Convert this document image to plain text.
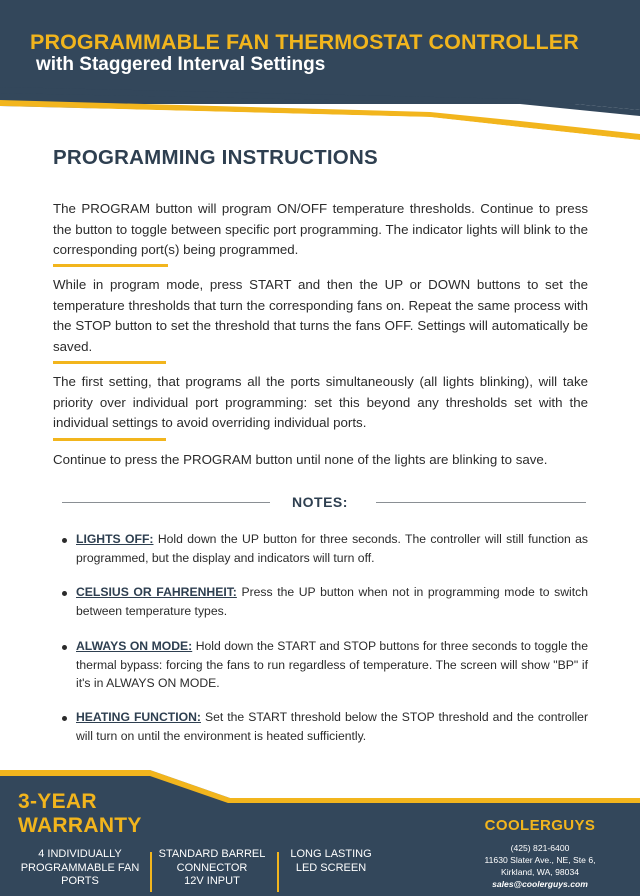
PROGRAMMABLE FAN THERMOSTAT CONTROLLER
with Staggered Interval Settings
PROGRAMMING INSTRUCTIONS

The PROGRAM button will program ON/OFF temperature thresholds. Continue to press the button to toggle between specific port programming. The indicator lights will blink to the corresponding port(s) being programmed.

While in program mode, press START and then the UP or DOWN buttons to set the temperature thresholds that turn the corresponding fans on. Repeat the same process with the STOP button to set the threshold that turns the fans OFF. Settings will automatically be saved.

The first setting, that programs all the ports simultaneously (all lights blinking), will take priority over individual port programming: set this beyond any thresholds set with the individual settings to avoid overriding individual ports.

Continue to press the PROGRAM button until none of the lights are blinking to save.

NOTES:

LIGHTS OFF: Hold down the UP button for three seconds. The controller will still function as programmed, but the display and indicators will turn off.

CELSIUS OR FAHRENHEIT: Press the UP button when not in programming mode to switch between temperature types.

ALWAYS ON MODE: Hold down the START and STOP buttons for three seconds to toggle the thermal bypass: forcing the fans to run regardless of temperature. The screen will show "BP" if it's in ALWAYS ON MODE.

HEATING FUNCTION: Set the START threshold below the STOP threshold and the controller will turn on until the environment is heated sufficiently.

3-YEAR
WARRANTY
4 INDIVIDUALLY
PROGRAMMABLE FAN
PORTS
STANDARD BARREL
CONNECTOR
12V INPUT
LONG LASTING
LED SCREEN
COOLERGUYS
(425) 821-6400
11630 Slater Ave., NE, Ste 6,
Kirkland, WA, 98034
sales@coolerguys.com
